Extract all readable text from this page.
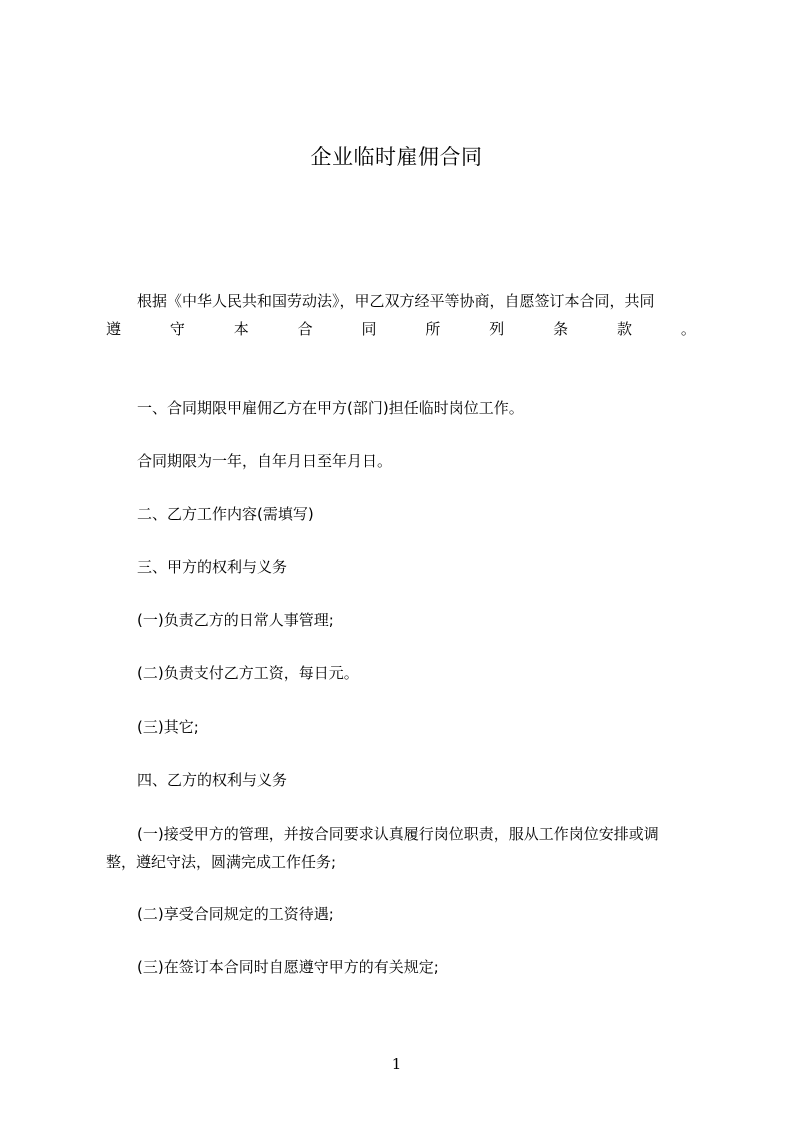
企业临时雇佣合同
根据《中华人民共和国劳动法》，甲乙双方经平等协商，自愿签订本合同，共同
遵	守	本	合	同	所	列	条	款	。
一、合同期限甲雇佣乙方在甲方(部门)担任临时岗位工作。
合同期限为一年，自年月日至年月日。
二、乙方工作内容(需填写)
三、甲方的权利与义务
(一)负责乙方的日常人事管理;
(二)负责支付乙方工资，每日元。
(三)其它;
四、乙方的权利与义务
(一)接受甲方的管理，并按合同要求认真履行岗位职责，服从工作岗位安排或调
整，遵纪守法，圆满完成工作任务;
(二)享受合同规定的工资待遇;
(三)在签订本合同时自愿遵守甲方的有关规定;
1
